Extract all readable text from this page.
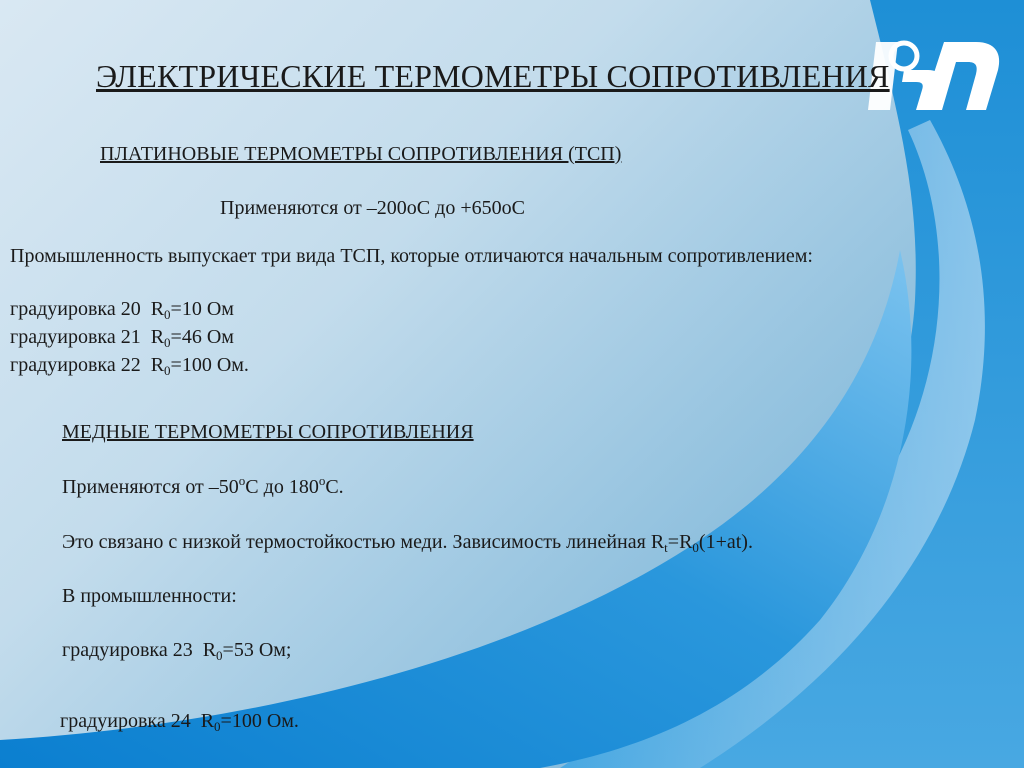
ЭЛЕКТРИЧЕСКИЕ ТЕРМОМЕТРЫ СОПРОТИВЛЕНИЯ
ПЛАТИНОВЫЕ ТЕРМОМЕТРЫ СОПРОТИВЛЕНИЯ (ТСП)
Применяются от –200оС до +650оС
Промышленность выпускает три вида ТСП, которые отличаются начальным сопротивлением:
градуировка 20 $R_0=10$ Ом
градуировка 21 $R_0=46$ Ом
градуировка 22 $R_0=100$ Ом.
МЕДНЫЕ ТЕРМОМЕТРЫ СОПРОТИВЛЕНИЯ
Применяются от $-50^оС$ до $180^оС$.
Это связано с низкой термостойкостью меди. Зависимость линейная $R_t=R_0(1+at)$.
В промышленности:
градуировка 23 $R_0=53$ Ом;
градуировка 24 $R_0=100$ Ом.
